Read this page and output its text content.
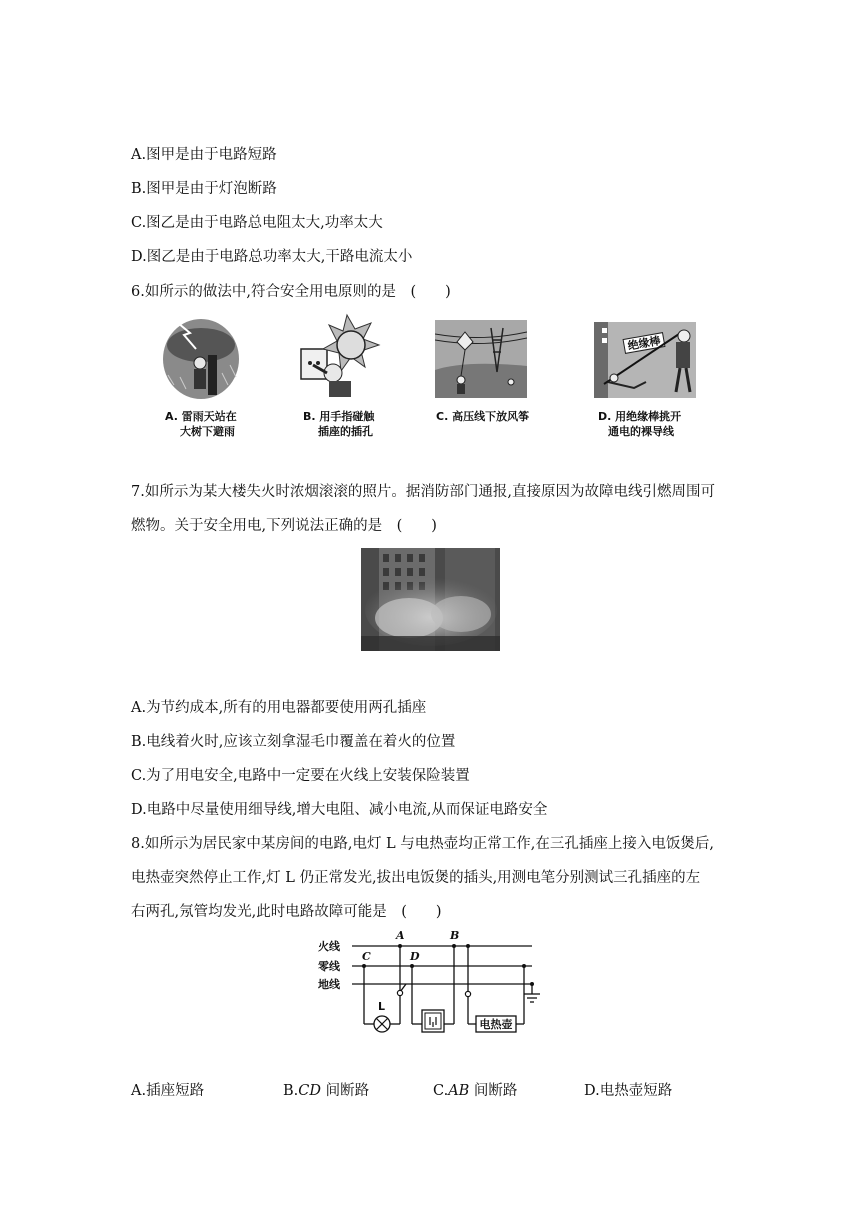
A.图甲是由于电路短路
B.图甲是由于灯泡断路
C.图乙是由于电路总电阻太大,功率太大
D.图乙是由于电路总功率太大,干路电流太小
6.如所示的做法中,符合安全用电原则的是　(　　)
A. 雷雨天站在
大树下避雨
B. 用手指碰触
插座的插孔
C. 高压线下放风筝
绝缘棒
D. 用绝缘棒挑开
通电的裸导线
7.如所示为某大楼失火时浓烟滚滚的照片。据消防部门通报,直接原因为故障电线引燃周围可
燃物。关于安全用电,下列说法正确的是　(　　)
A.为节约成本,所有的用电器都要使用两孔插座
B.电线着火时,应该立刻拿湿毛巾覆盖在着火的位置
C.为了用电安全,电路中一定要在火线上安装保险装置
D.电路中尽量使用细导线,增大电阻、减小电流,从而保证电路安全
8.如所示为居民家中某房间的电路,电灯 L 与电热壶均正常工作,在三孔插座上接入电饭煲后,
电热壶突然停止工作,灯 L 仍正常发光,拔出电饭煲的插头,用测电笔分别测试三孔插座的左
右两孔,氖管均发光,此时电路故障可能是　(　　)
火线
零线
地线
A	B
C	D
L
电热壶
A.插座短路	B.CD 间断路	C.AB 间断路	D.电热壶短路
